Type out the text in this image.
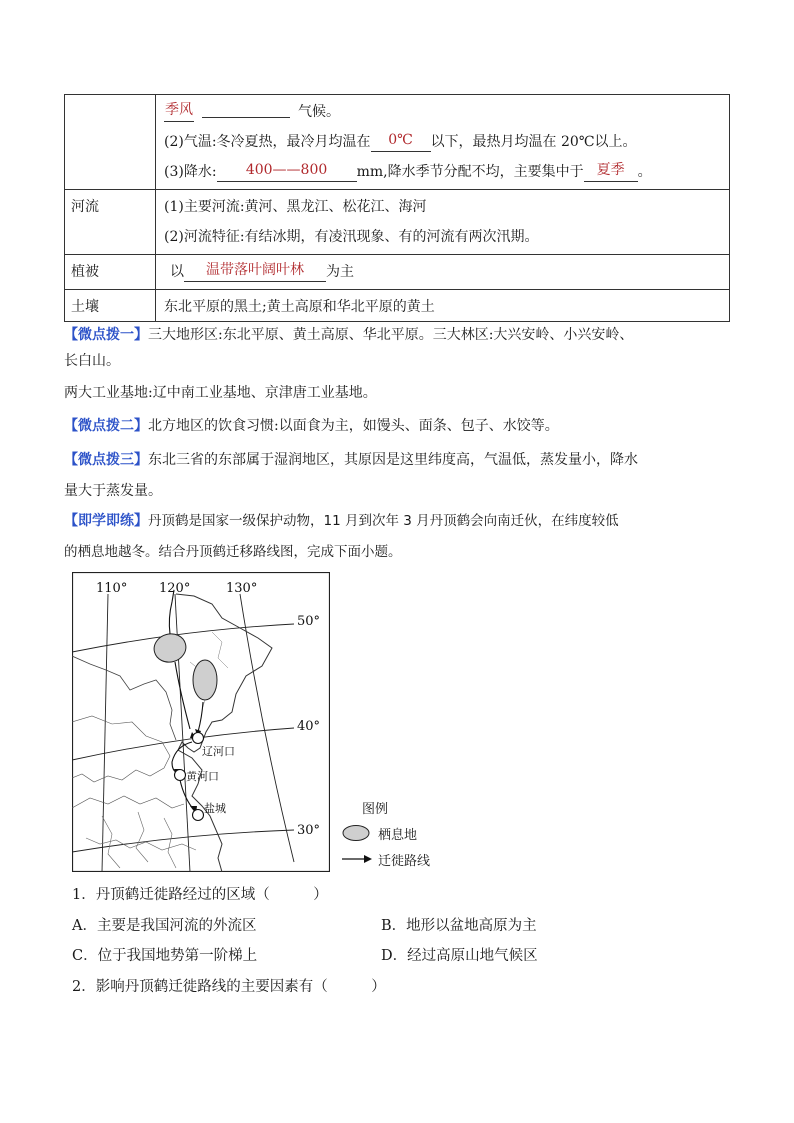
	季风 气候。
(2)气温:冬冷夏热，最冷月均温在 0℃ 以下，最热月均温在 20℃以上。
(3)降水: 400——800 mm,降水季节分配不均，主要集中于 夏季 。

河流	(1)主要河流:黄河、黑龙江、松花江、海河
(2)河流特征:有结冰期，有凌汛现象、有的河流有两次汛期。

植被	以 温带落叶阔叶林 为主

土壤	东北平原的黑土;黄土高原和华北平原的黄土
【微点拨一】三大地形区:东北平原、黄土高原、华北平原。三大林区:大兴安岭、小兴安岭、
长白山。
两大工业基地:辽中南工业基地、京津唐工业基地。
【微点拨二】北方地区的饮食习惯:以面食为主，如馒头、面条、包子、水饺等。
【微点拨三】东北三省的东部属于湿润地区，其原因是这里纬度高，气温低，蒸发量小，降水
量大于蒸发量。
【即学即练】丹顶鹤是国家一级保护动物，11 月到次年 3 月丹顶鹤会向南迁伙，在纬度较低
的栖息地越冬。结合丹顶鹤迁移路线图，完成下面小题。
110° 120°	130°
50°
40°
30°
辽河口
黄河口
盐城	图例
栖息地
迁徙路线
1．丹顶鹤迁徙路经过的区域（　　　）
A．主要是我国河流的外流区	B．地形以盆地高原为主
C．位于我国地势第一阶梯上	D．经过高原山地气候区
2．影响丹顶鹤迁徙路线的主要因素有（　　　）
